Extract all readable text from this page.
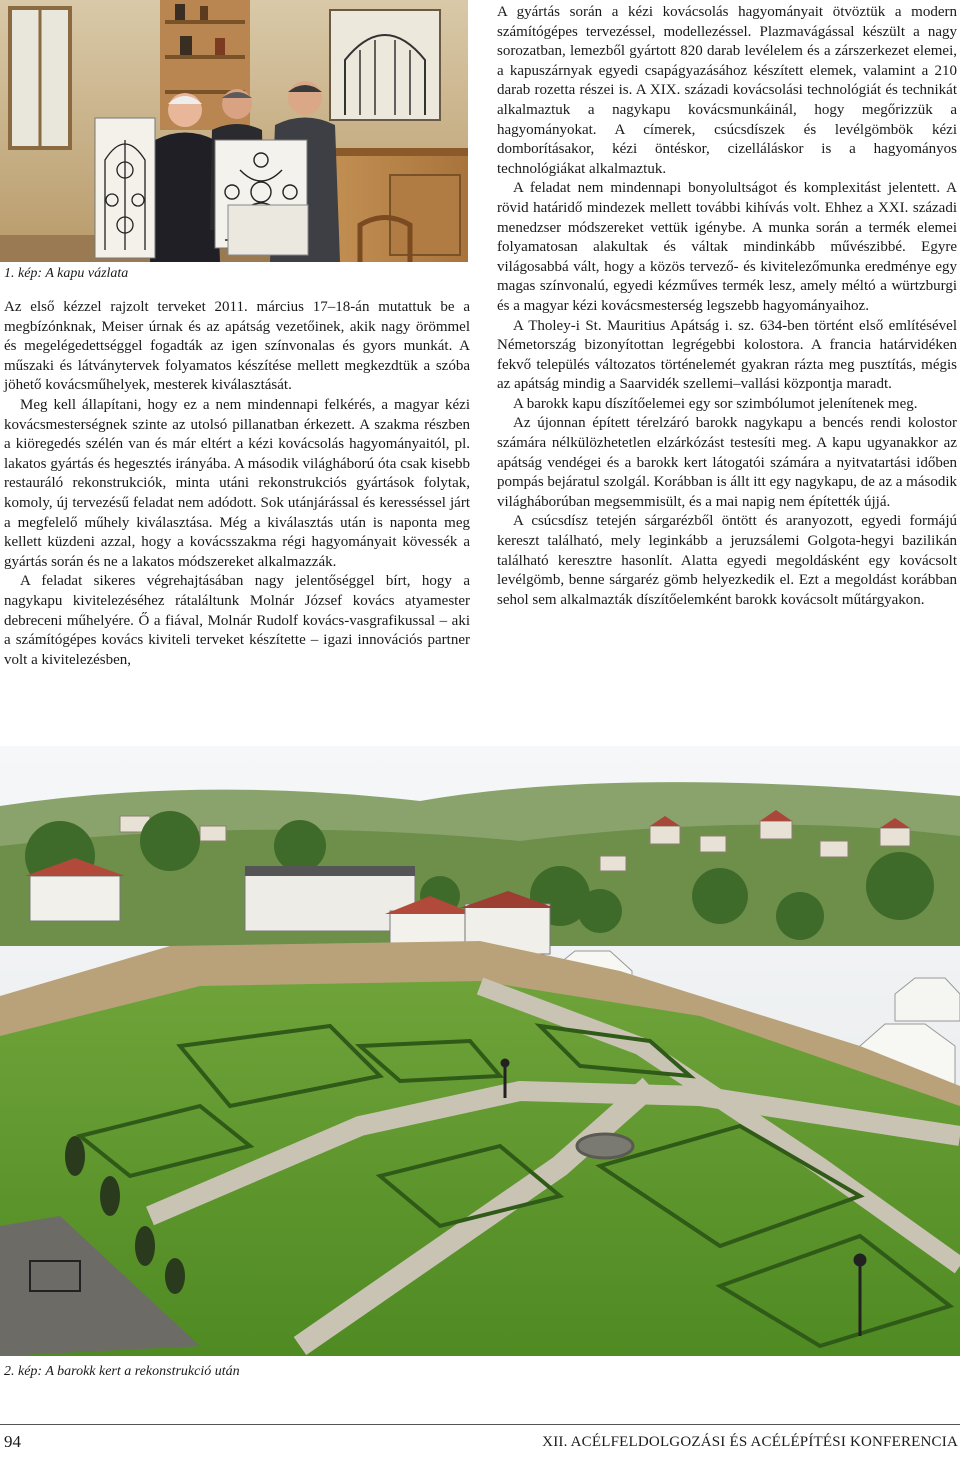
1. kép: A kapu vázlata

Az első kézzel rajzolt terveket 2011. március 17–18-án mutattuk be a megbízónknak, Meiser úrnak és az apátság vezetőinek, akik nagy örömmel és megelégedettséggel fogadták az igen színvonalas és gyors munkát. A műszaki és látványtervek folyamatos készítése mellett megkezdtük a szóba jöhető kovácsműhelyek, mesterek kiválasztását.

Meg kell állapítani, hogy ez a nem mindennapi felkérés, a magyar kézi kovácsmesterségnek szinte az utolsó pillanatban érkezett. A szakma részben a kiöregedés szélén van és már eltért a kézi kovácsolás hagyományaitól, pl. lakatos gyártás és hegesztés irányába. A második világháború óta csak kisebb restauráló rekonstrukciók, minta utáni rekonstrukciós gyártások folytak, komoly, új tervezésű feladat nem adódott. Sok utánjárással és keresséssel járt a megfelelő műhely kiválasztása. Még a kiválasztás után is naponta meg kellett küzdeni azzal, hogy a kovácsszakma régi hagyományait kövessék a gyártás során és ne a lakatos módszereket alkalmazzák.

A feladat sikeres végrehajtásában nagy jelentőséggel bírt, hogy a nagykapu kivitelezéséhez rátaláltunk Molnár József kovács atyamester debreceni műhelyére. Ő a fiával, Molnár Rudolf kovács-vasgrafikussal – aki a számítógépes kovács kiviteli terveket készítette – igazi innovációs partner volt a kivitelezésben,

A gyártás során a kézi kovácsolás hagyományait ötvöztük a modern számítógépes tervezéssel, modellezéssel. Plazmavágással készült a nagy sorozatban, lemezből gyártott 820 darab levélelem és a zárszerkezet elemei, a kapuszárnyak egyedi csapágyazásához készített elemek, valamint a 210 darab rozetta részei is. A XIX. századi kovácsolási technológiát és technikát alkalmaztuk a nagykapu kovácsmunkáinál, hogy megőrizzük a hagyományokat. A címerek, csúcsdíszek és levélgömbök kézi domborításakor, kézi öntéskor, cizelláláskor is a hagyományos technológiákat alkalmaztuk.

A feladat nem mindennapi bonyolultságot és komplexitást jelentett. A rövid határidő mindezek mellett további kihívás volt. Ehhez a XXI. századi menedzser módszereket vettük igénybe. A munka során a termék elemei folyamatosan alakultak és váltak mindinkább művészibbé. Egyre világosabbá vált, hogy a közös tervező- és kivitelezőmunka eredménye egy magas színvonalú, egyedi kézműves termék lesz, amely méltó a würtzburgi és a magyar kézi kovácsmesterség legszebb hagyományaihoz.

A Tholey-i St. Mauritius Apátság i. sz. 634-ben történt első említésével Németország bizonyítottan legrégebbi kolostora. A francia határvidéken fekvő település változatos történelemét gyakran rázta meg pusztítás, mégis az apátság mindig a Saarvidék szellemi–vallási központja maradt.

A barokk kapu díszítőelemei egy sor szimbólumot jelenítenek meg.

Az újonnan épített térelzáró barokk nagykapu a bencés rendi kolostor számára nélkülözhetetlen elzárkózást testesíti meg. A kapu ugyanakkor az apátság vendégei és a barokk kert látogatói számára a nyitvatartási időben pompás bejáratul szolgál. Korábban is állt itt egy nagykapu, de az a második világháborúban megsemmisült, és a mai napig nem építették újjá.

A csúcsdísz tetején sárgarézből öntött és aranyozott, egyedi formájú kereszt található, mely leginkább a jeruzsálemi Golgota-hegyi bazilikán található keresztre hasonlít. Alatta egyedi megoldásként egy kovácsolt levélgömb, benne sárgaréz gömb helyezkedik el. Ezt a megoldást korábban sehol sem alkalmazták díszítőelemként barokk kovácsolt műtárgyakon.

2. kép: A barokk kert a rekonstrukció után
94	XII. ACÉLFELDOLGOZÁSI ÉS ACÉLÉPÍTÉSI KONFERENCIA
